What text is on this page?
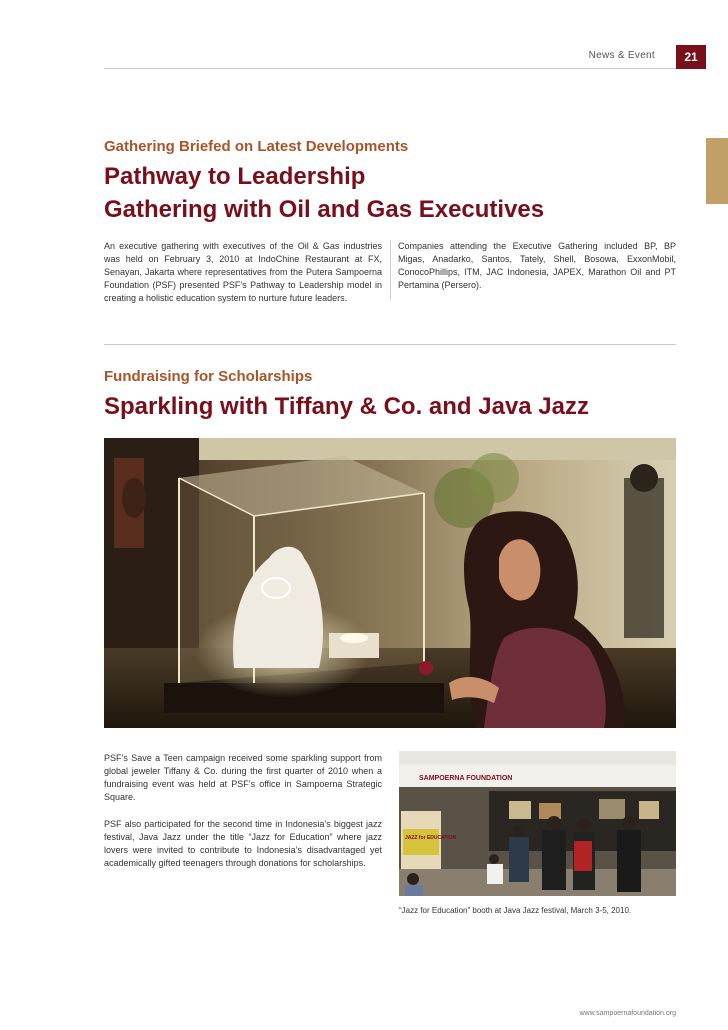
News & Event	21
Gathering Briefed on Latest Developments
Pathway to Leadership
Gathering with Oil and Gas Executives

An executive gathering with executives of the Oil & Gas industries was held on February 3, 2010 at IndoChine Restaurant at FX, Senayan, Jakarta where representatives from the Putera Sampoerna Foundation (PSF) presented PSF’s Pathway to Leadership model in creating a holistic education system to nurture future leaders.

Companies attending the Executive Gathering included BP, BP Migas, Anadarko, Santos, Tately, Shell, Bosowa, ExxonMobil, ConocoPhillips, ITM, JAC Indonesia, JAPEX, Marathon Oil and PT Pertamina (Persero).

Fundraising for Scholarships
Sparkling with Tiffany & Co. and Java Jazz

PSF’s Save a Teen campaign received some sparkling support from global jeweler Tiffany & Co. during the first quarter of 2010 when a fundraising event was held at PSF’s office in Sampoerna Strategic Square.

PSF also participated for the second time in Indonesia’s biggest jazz festival, Java Jazz under the title “Jazz for Education” where jazz lovers were invited to contribute to Indonesia’s disadvantaged yet academically gifted teenagers through donations for scholarships.

SAMPOERNA FOUNDATION
JAZZ for EDUCATION
“Jazz for Education” booth at Java Jazz festival, March 3-5, 2010.
www.sampoernafoundation.org
